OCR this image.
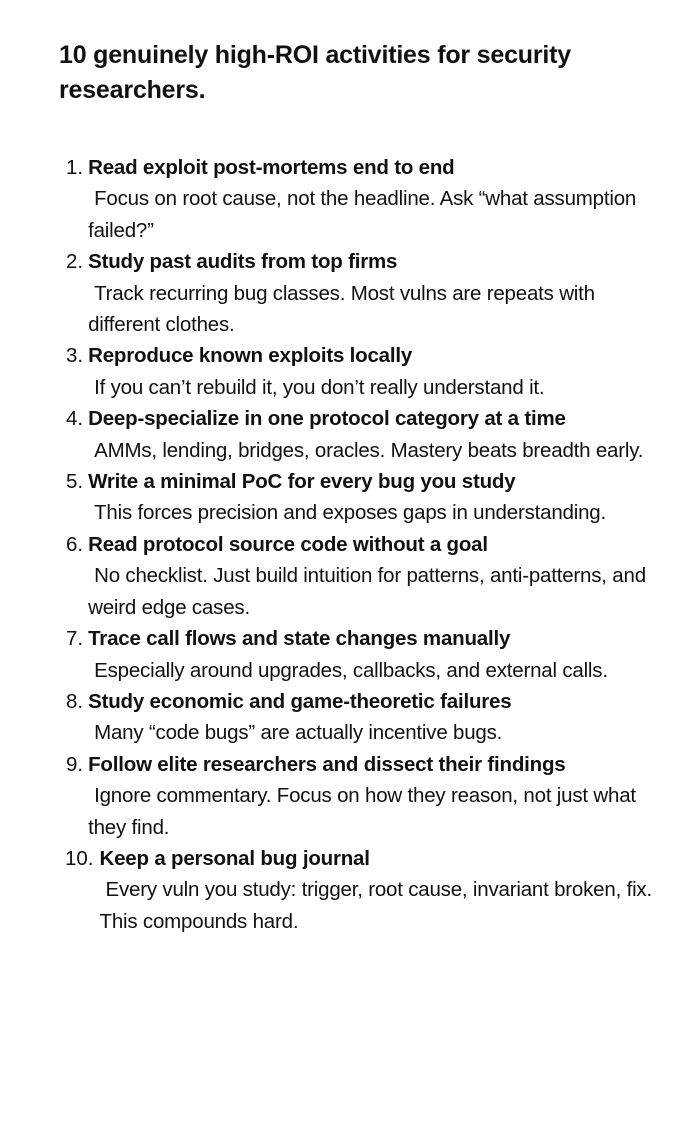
10 genuinely high-ROI activities for security researchers.
1. Read exploit post-mortems end to end
Focus on root cause, not the headline. Ask “what assumption failed?”
2. Study past audits from top firms
Track recurring bug classes. Most vulns are repeats with different clothes.
3. Reproduce known exploits locally
If you can’t rebuild it, you don’t really understand it.
4. Deep-specialize in one protocol category at a time
AMMs, lending, bridges, oracles. Mastery beats breadth early.
5. Write a minimal PoC for every bug you study
This forces precision and exposes gaps in understanding.
6. Read protocol source code without a goal
No checklist. Just build intuition for patterns, anti-patterns, and weird edge cases.
7. Trace call flows and state changes manually
Especially around upgrades, callbacks, and external calls.
8. Study economic and game-theoretic failures
Many “code bugs” are actually incentive bugs.
9. Follow elite researchers and dissect their findings
Ignore commentary. Focus on how they reason, not just what they find.
10. Keep a personal bug journal
Every vuln you study: trigger, root cause, invariant broken, fix. This compounds hard.
